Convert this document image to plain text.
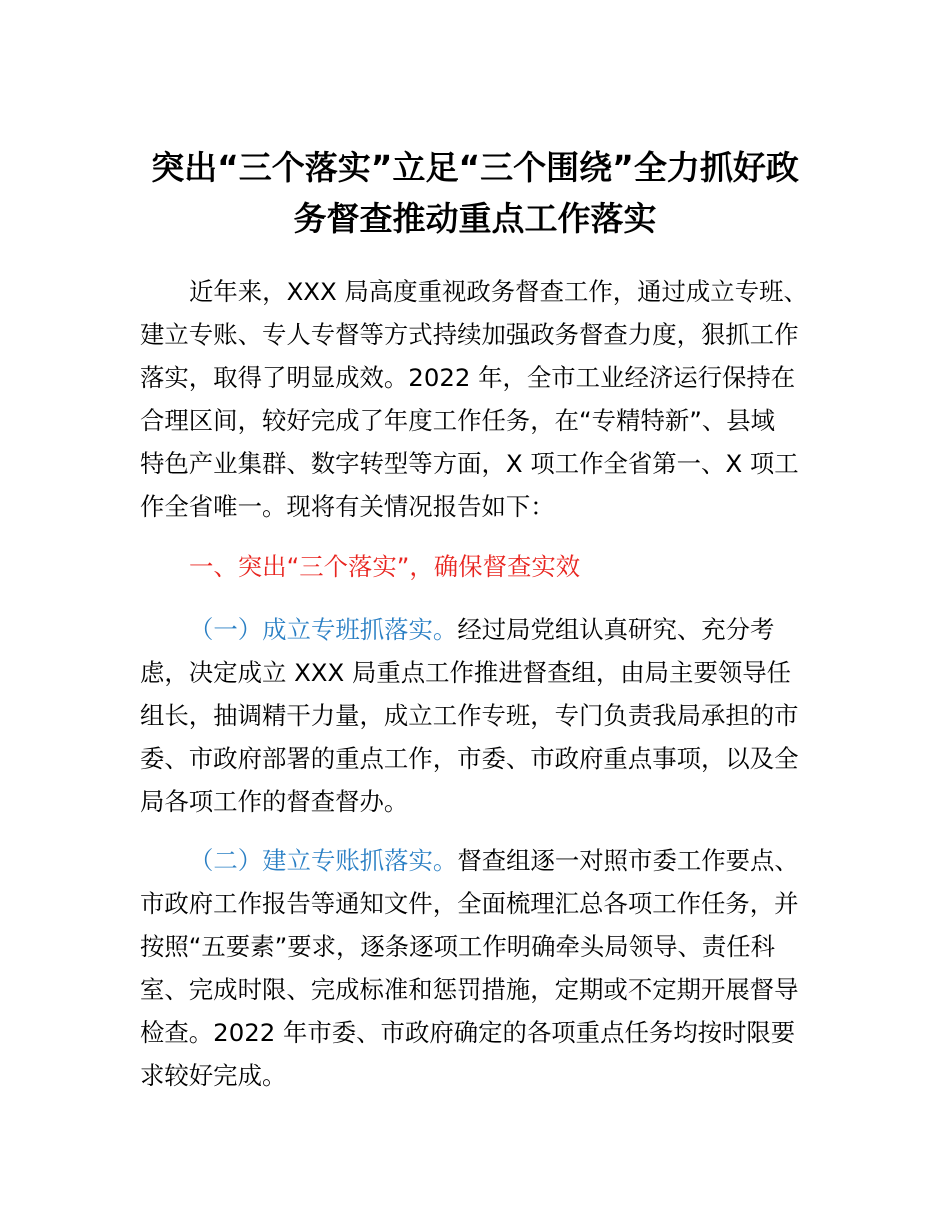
突出“三个落实”立足“三个围绕”全力抓好政
务督查推动重点工作落实
近年来，XXX 局高度重视政务督查工作，通过成立专班、
建立专账、专人专督等方式持续加强政务督查力度，狠抓工作
落实，取得了明显成效。2022 年，全市工业经济运行保持在
合理区间，较好完成了年度工作任务，在“专精特新”、县域
特色产业集群、数字转型等方面，X 项工作全省第一、X 项工
作全省唯一。现将有关情况报告如下：
一、突出“三个落实”，确保督查实效
（一）成立专班抓落实。经过局党组认真研究、充分考
虑，决定成立 XXX 局重点工作推进督查组，由局主要领导任
组长，抽调精干力量，成立工作专班，专门负责我局承担的市
委、市政府部署的重点工作，市委、市政府重点事项，以及全
局各项工作的督查督办。
（二）建立专账抓落实。督查组逐一对照市委工作要点、
市政府工作报告等通知文件，全面梳理汇总各项工作任务，并
按照“五要素”要求，逐条逐项工作明确牵头局领导、责任科
室、完成时限、完成标准和惩罚措施，定期或不定期开展督导
检查。2022 年市委、市政府确定的各项重点任务均按时限要
求较好完成。
